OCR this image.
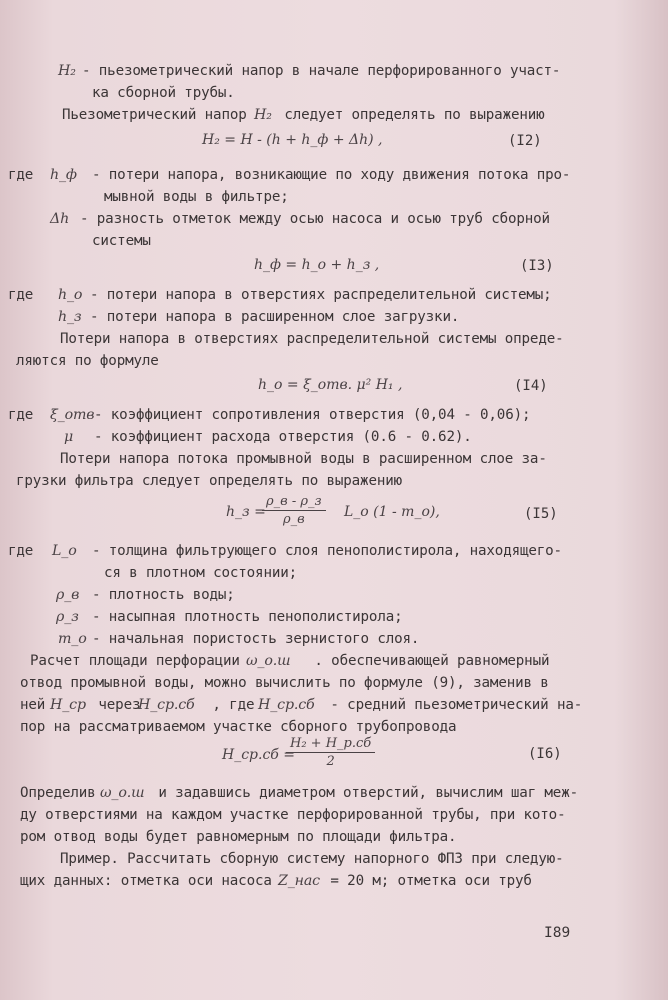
H₂ - пьезометрический напор в начале перфорированного участ-
ка сборной трубы.
Пьезометрический напор
H₂ следует определять по выражению
H₂ = H - (h + h_ф + Δh) ,	(I2)
где h_ф - потери напора, возникающие по ходу движения потока про-
мывной воды в фильтре;
Δh - разность отметок между осью насоса и осью труб сборной
системы
h_ф = h_о + h_з ,	(I3)
где h_о - потери напора в отверстиях распределительной системы;
h_з - потери напора в расширенном слое загрузки.
Потери напора в отверстиях распределительной системы опреде-
ляются по формуле
h_о = ξ_отв. μ² H₁ ,	(I4)
где ξ_отв - коэффициент сопротивления отверстия (0,04 - 0,06);
μ - коэффициент расхода отверстия (0.6 - 0.62).
Потери напора потока промывной воды в расширенном слое за-
грузки фильтра следует определять по выражению
h_з =
ρ_в - ρ_з
ρ_в	L_о (1 - m_о),	(I5)
где L_о - толщина фильтрующего слоя пенополистирола, находящего-
ся в плотном состоянии;
ρ_в - плотность воды;
ρ_з - насыпная плотность пенополистирола;
m_о - начальная пористость зернистого слоя.
Расчет площади перфорации
ω_о.ш . обеспечивающей равномерный
отвод промывной воды, можно вычислить по формуле (9), заменив в
ней
H_ср через
H_ср.сб , где
H_ср.сб - средний пьезометрический на-
пор на рассматриваемом участке сборного трубопровода
H_ср.сб =
H₂ + H_р.сб
2	(I6)
Определив
ω_о.ш и задавшись диаметром отверстий, вычислим шаг меж-
ду отверстиями на каждом участке перфорированной трубы, при кото-
ром отвод воды будет равномерным по площади фильтра.
Пример. Рассчитать сборную систему напорного ФПЗ при следую-
щих данных: отметка оси насоса
Z_нас = 20 м; отметка оси труб
I89
